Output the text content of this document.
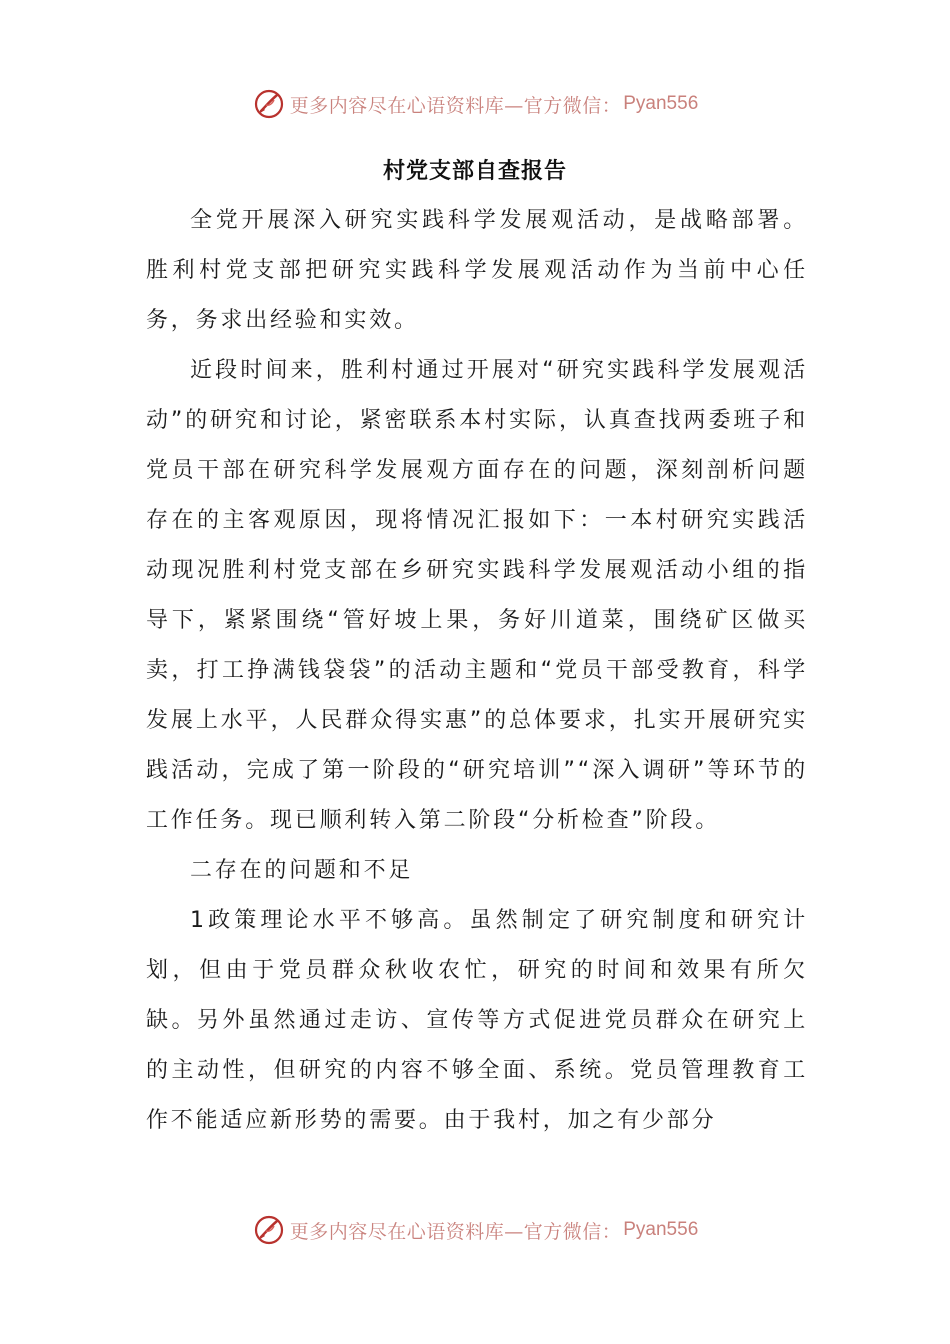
更多内容尽在心语资料库—官方微信： Pyan556
村党支部自查报告

全党开展深入研究实践科学发展观活动，是战略部署。胜利村党支部把研究实践科学发展观活动作为当前中心任务，务求出经验和实效。

近段时间来，胜利村通过开展对“研究实践科学发展观活动”的研究和讨论，紧密联系本村实际，认真查找两委班子和党员干部在研究科学发展观方面存在的问题，深刻剖析问题存在的主客观原因，现将情况汇报如下：一本村研究实践活动现况胜利村党支部在乡研究实践科学发展观活动小组的指导下，紧紧围绕“管好坡上果，务好川道菜，围绕矿区做买卖，打工挣满钱袋袋”的活动主题和“党员干部受教育，科学发展上水平，人民群众得实惠”的总体要求，扎实开展研究实践活动，完成了第一阶段的“研究培训”“深入调研”等环节的工作任务。现已顺利转入第二阶段“分析检查”阶段。

二存在的问题和不足

1政策理论水平不够高。虽然制定了研究制度和研究计划，但由于党员群众秋收农忙，研究的时间和效果有所欠缺。另外虽然通过走访、宣传等方式促进党员群众在研究上的主动性，但研究的内容不够全面、系统。党员管理教育工作不能适应新形势的需要。由于我村，加之有少部分

更多内容尽在心语资料库—官方微信： Pyan556
